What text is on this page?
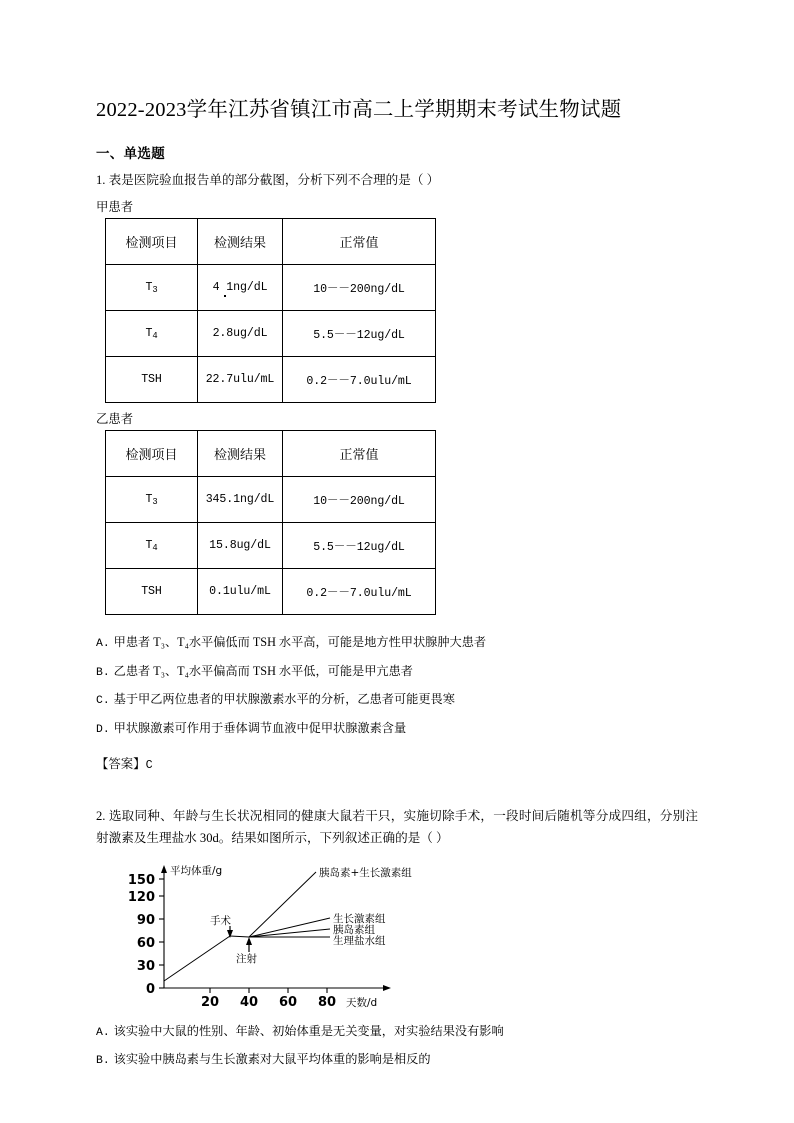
2022-2023学年江苏省镇江市高二上学期期末考试生物试题
一、单选题

1. 表是医院验血报告单的部分截图，分析下列不合理的是（ ）

甲患者
检测项目	检测结果	正常值
$T_3$	4 1ng/dL	10－－200ng/dL
$T_4$	2.8ug/dL	5.5－－12ug/dL
TSH	22.7ulu/mL	0.2－－7.0ulu/mL
乙患者
检测项目	检测结果	正常值
$T_3$	345.1ng/dL	10－－200ng/dL
$T_4$	15.8ug/dL	5.5－－12ug/dL
TSH	0.1ulu/mL	0.2－－7.0ulu/mL

A. 甲患者 T₃、T₄水平偏低而 TSH 水平高，可能是地方性甲状腺肿大患者

B. 乙患者 T₃、T₄水平偏高而 TSH 水平低，可能是甲亢患者

C. 基于甲乙两位患者的甲状腺激素水平的分析，乙患者可能更畏寒

D. 甲状腺激素可作用于垂体调节血液中促甲状腺激素含量

【答案】C

2. 选取同种、年龄与生长状况相同的健康大鼠若干只，实施切除手术，一段时间后随机等分成四组，分别注射激素及生理盐水 30d。结果如图所示，下列叙述正确的是（ ）

0
30
60
90
120
150
20 40 60 80
平均体重/g
天数/d
胰岛素+生长激素组
生长激素组
胰岛素组
生理盐水组
手术
注射

A. 该实验中大鼠的性别、年龄、初始体重是无关变量，对实验结果没有影响

B. 该实验中胰岛素与生长激素对大鼠平均体重的影响是相反的
